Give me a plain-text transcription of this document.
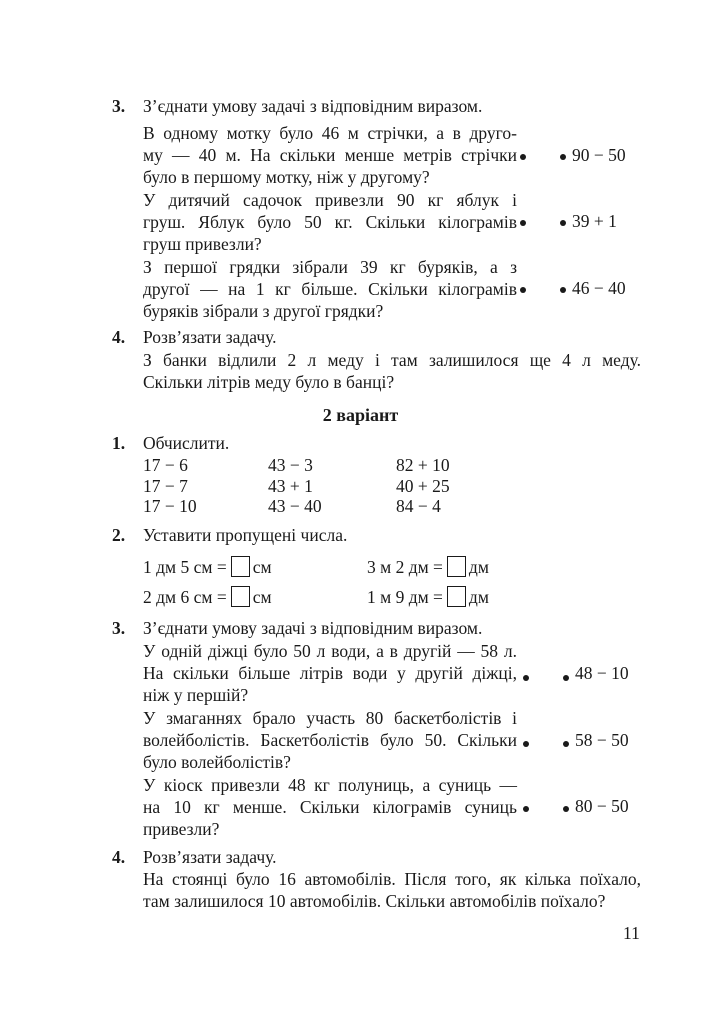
3. З’єднати умову задачі з відповідним виразом.
В одному мотку було 46 м стрічки, а в друго-
му — 40 м. На скільки менше метрів стрічки
було в першому мотку, ніж у другому?
90 − 50
У дитячий садочок привезли 90 кг яблук і
груш. Яблук було 50 кг. Скільки кілограмів
груш привезли?
39 + 1
З першої грядки зібрали 39 кг буряків, а з
другої — на 1 кг більше. Скільки кілограмів
буряків зібрали з другої грядки?
46 − 40
4. Розв’язати задачу.
З банки відлили 2 л меду і там залишилося ще 4 л меду.
Скільки літрів меду було в банці?
2 варіант
1. Обчислити.
17 − 6
17 − 7
17 − 10
43 − 3
43 + 1
43 − 40
82 + 10
40 + 25
84 − 4
2. Уставити пропущені числа.
1 дм 5 см = см	3 м 2 дм = дм
2 дм 6 см = см	1 м 9 дм = дм
3. З’єднати умову задачі з відповідним виразом.
У одній діжці було 50 л води, а в другій — 58 л.
На скільки більше літрів води у другій діжці,
ніж у першій?
48 − 10
У змаганнях брало участь 80 баскетболістів і
волейболістів. Баскетболістів було 50. Скільки
було волейболістів?
58 − 50
У кіоск привезли 48 кг полуниць, а суниць —
на 10 кг менше. Скільки кілограмів суниць
привезли?
80 − 50
4. Розв’язати задачу.
На стоянці було 16 автомобілів. Після того, як кілька поїхало,
там залишилося 10 автомобілів. Скільки автомобілів поїхало?
11
